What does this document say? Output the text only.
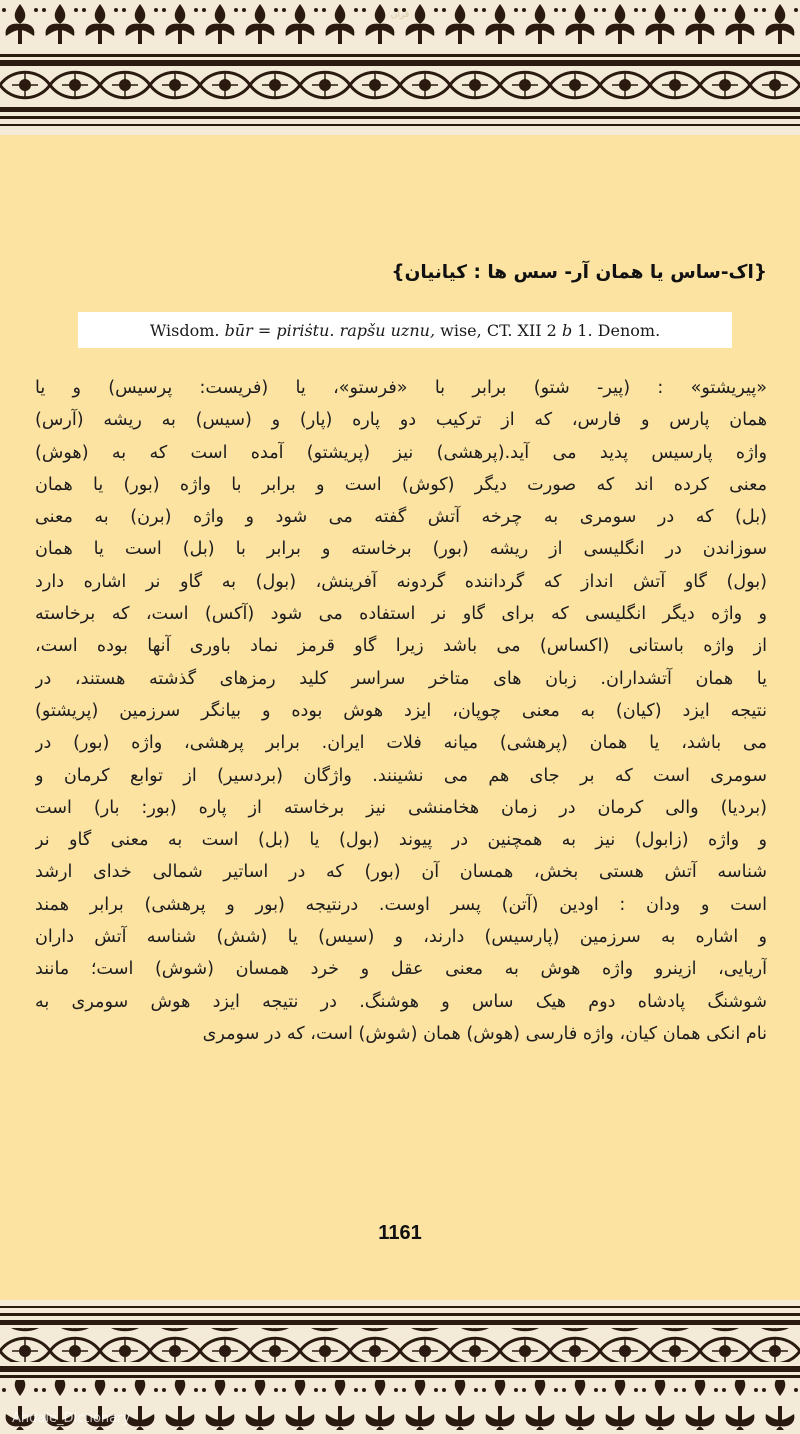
قرآن
{اک-ساس یا همان آر- سس ها : کیانیان}
Wisdom.
būr = piriṡtu.
rapšu uznu,
wise, CT. XII 2
b
1.
Denom.
«پیریشتو» : (پیر- شتو) برابر با «فرستو»، یا (فریست: پرسیس) و یا
همان پارس و فارس، که از ترکیب دو پاره (پار) و (سیس) به ریشه (آرس)
واژه پارسیس پدید می آید.(پرهشی) نیز (پریشتو) آمده است که به (هوش)
معنی کرده اند که صورت دیگر (کوش) است و برابر با واژه (بور) یا همان
(بل) که در سومری به چرخه آتش گفته می شود و واژه (برن) به معنی
سوزاندن در انگلیسی از ریشه (بور) برخاسته و برابر با (بل) است یا همان
(بول) گاو آتش انداز که گرداننده گردونه آفرینش، (بول) به گاو نر اشاره دارد
و واژه دیگر انگلیسی که برای گاو نر استفاده می شود (آکس) است، که برخاسته
از واژه باستانی (اکساس) می باشد زیرا گاو قرمز نماد باوری آنها بوده است،
یا همان آتشداران. زبان های متاخر سراسر کلید رمزهای گذشته هستند، در
نتیجه ایزد (کیان) به معنی چوپان، ایزد هوش بوده و بیانگر سرزمین (پریشتو)
می باشد، یا همان (پرهشی) میانه فلات ایران. برابر پرهشی، واژه (بور) در
سومری است که بر جای هم می نشینند. واژگان (بردسیر) از توابع کرمان و
(بردیا) والی کرمان در زمان هخامنشی نیز برخاسته از پاره (بور: بار) است
و واژه (زابول) نیز به همچنین در پیوند (بول) یا (بل) است به معنی گاو نر
شناسه آتش هستی بخش، همسان آن (بور) که در اساتیر شمالی خدای ارشد
است و ودان : اودین (آتن) پسر اوست. درنتیجه (بور و پرهشی) برابر همند
و اشاره به سرزمین (پارسیس) دارند، و (سیس) یا (شش) شناسه آتش داران
آریایی، ازینرو واژه هوش به معنی عقل و خرد همسان (شوش) است؛ مانند
شوشنگ پادشاه دوم هیک ساس و هوشنگ. در نتیجه ایزد هوش سومری به
نام انکی همان کیان، واژه فارسی (هوش) همان (شوش) است، که در سومری
1161
Ahdaie_Dictionary
